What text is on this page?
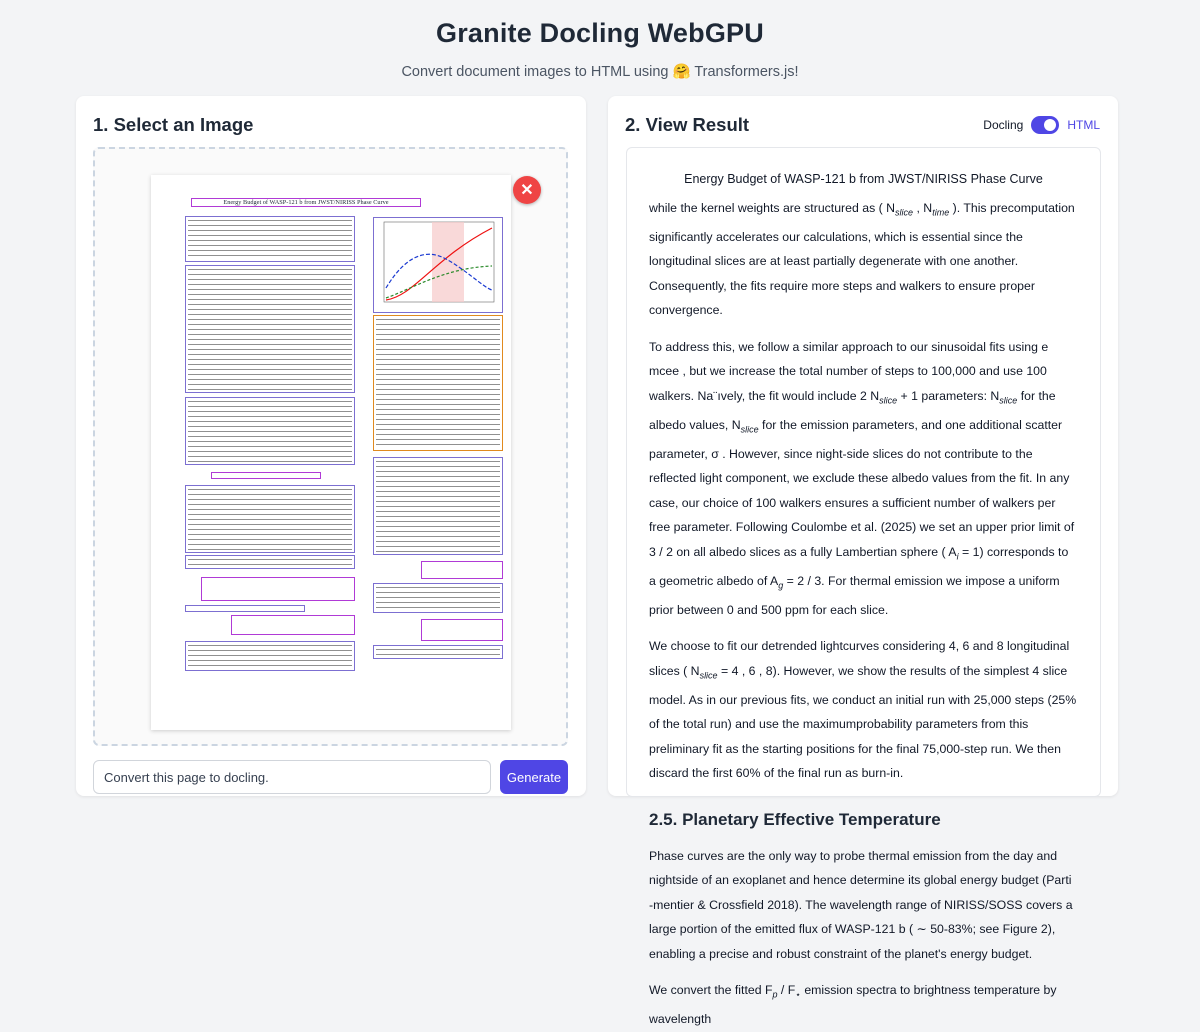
Granite Docling WebGPU
Convert document images to HTML using 🤗 Transformers.js!
1. Select an Image
Energy Budget of WASP-121 b from JWST/NIRISS Phase Curve
✕
Convert this page to docling.
Generate
2. View Result	Docling	HTML
Energy Budget of WASP-121 b from JWST/NIRISS Phase Curve

while the kernel weights are structured as ( $N_{slice}$ , $N_{time}$ ). This precomputation significantly accelerates our calculations, which is essential since the longitudinal slices are at least partially degenerate with one another. Consequently, the fits require more steps and walkers to ensure proper convergence.

To address this, we follow a similar approach to our sinusoidal fits using e mcee , but we increase the total number of steps to 100,000 and use 100 walkers. Na¨ıvely, the fit would include 2 $N_{slice} + 1$ parameters: $N_{slice}$ for the albedo values, $N_{slice}$ for the emission parameters, and one additional scatter parameter, σ . However, since night-side slices do not contribute to the reflected light component, we exclude these albedo values from the fit. In any case, our choice of 100 walkers ensures a sufficient number of walkers per free parameter. Following Coulombe et al. (2025) we set an upper prior limit of 3 / 2 on all albedo slices as a fully Lambertian sphere ( $A_i = 1$) corresponds to a geometric albedo of $A_g = 2 / 3$. For thermal emission we impose a uniform prior between 0 and 500 ppm for each slice.

We choose to fit our detrended lightcurves considering 4, 6 and 8 longitudinal slices ( $N_{slice} = 4$ , 6 , 8). However, we show the results of the simplest 4 slice model. As in our previous fits, we conduct an initial run with 25,000 steps (25% of the total run) and use the maximumprobability parameters from this preliminary fit as the starting positions for the final 75,000-step run. We then discard the first 60% of the final run as burn-in.

2.5. Planetary Effective Temperature

Phase curves are the only way to probe thermal emission from the day and nightside of an exoplanet and hence determine its global energy budget (Parti -mentier & Crossfield 2018). The wavelength range of NIRISS/SOSS covers a large portion of the emitted flux of WASP-121 b ( ∼ 50-83%; see Figure 2), enabling a precise and robust constraint of the planet's energy budget.

We convert the fitted $F_p / F_⋆$ emission spectra to brightness temperature by wavelength
